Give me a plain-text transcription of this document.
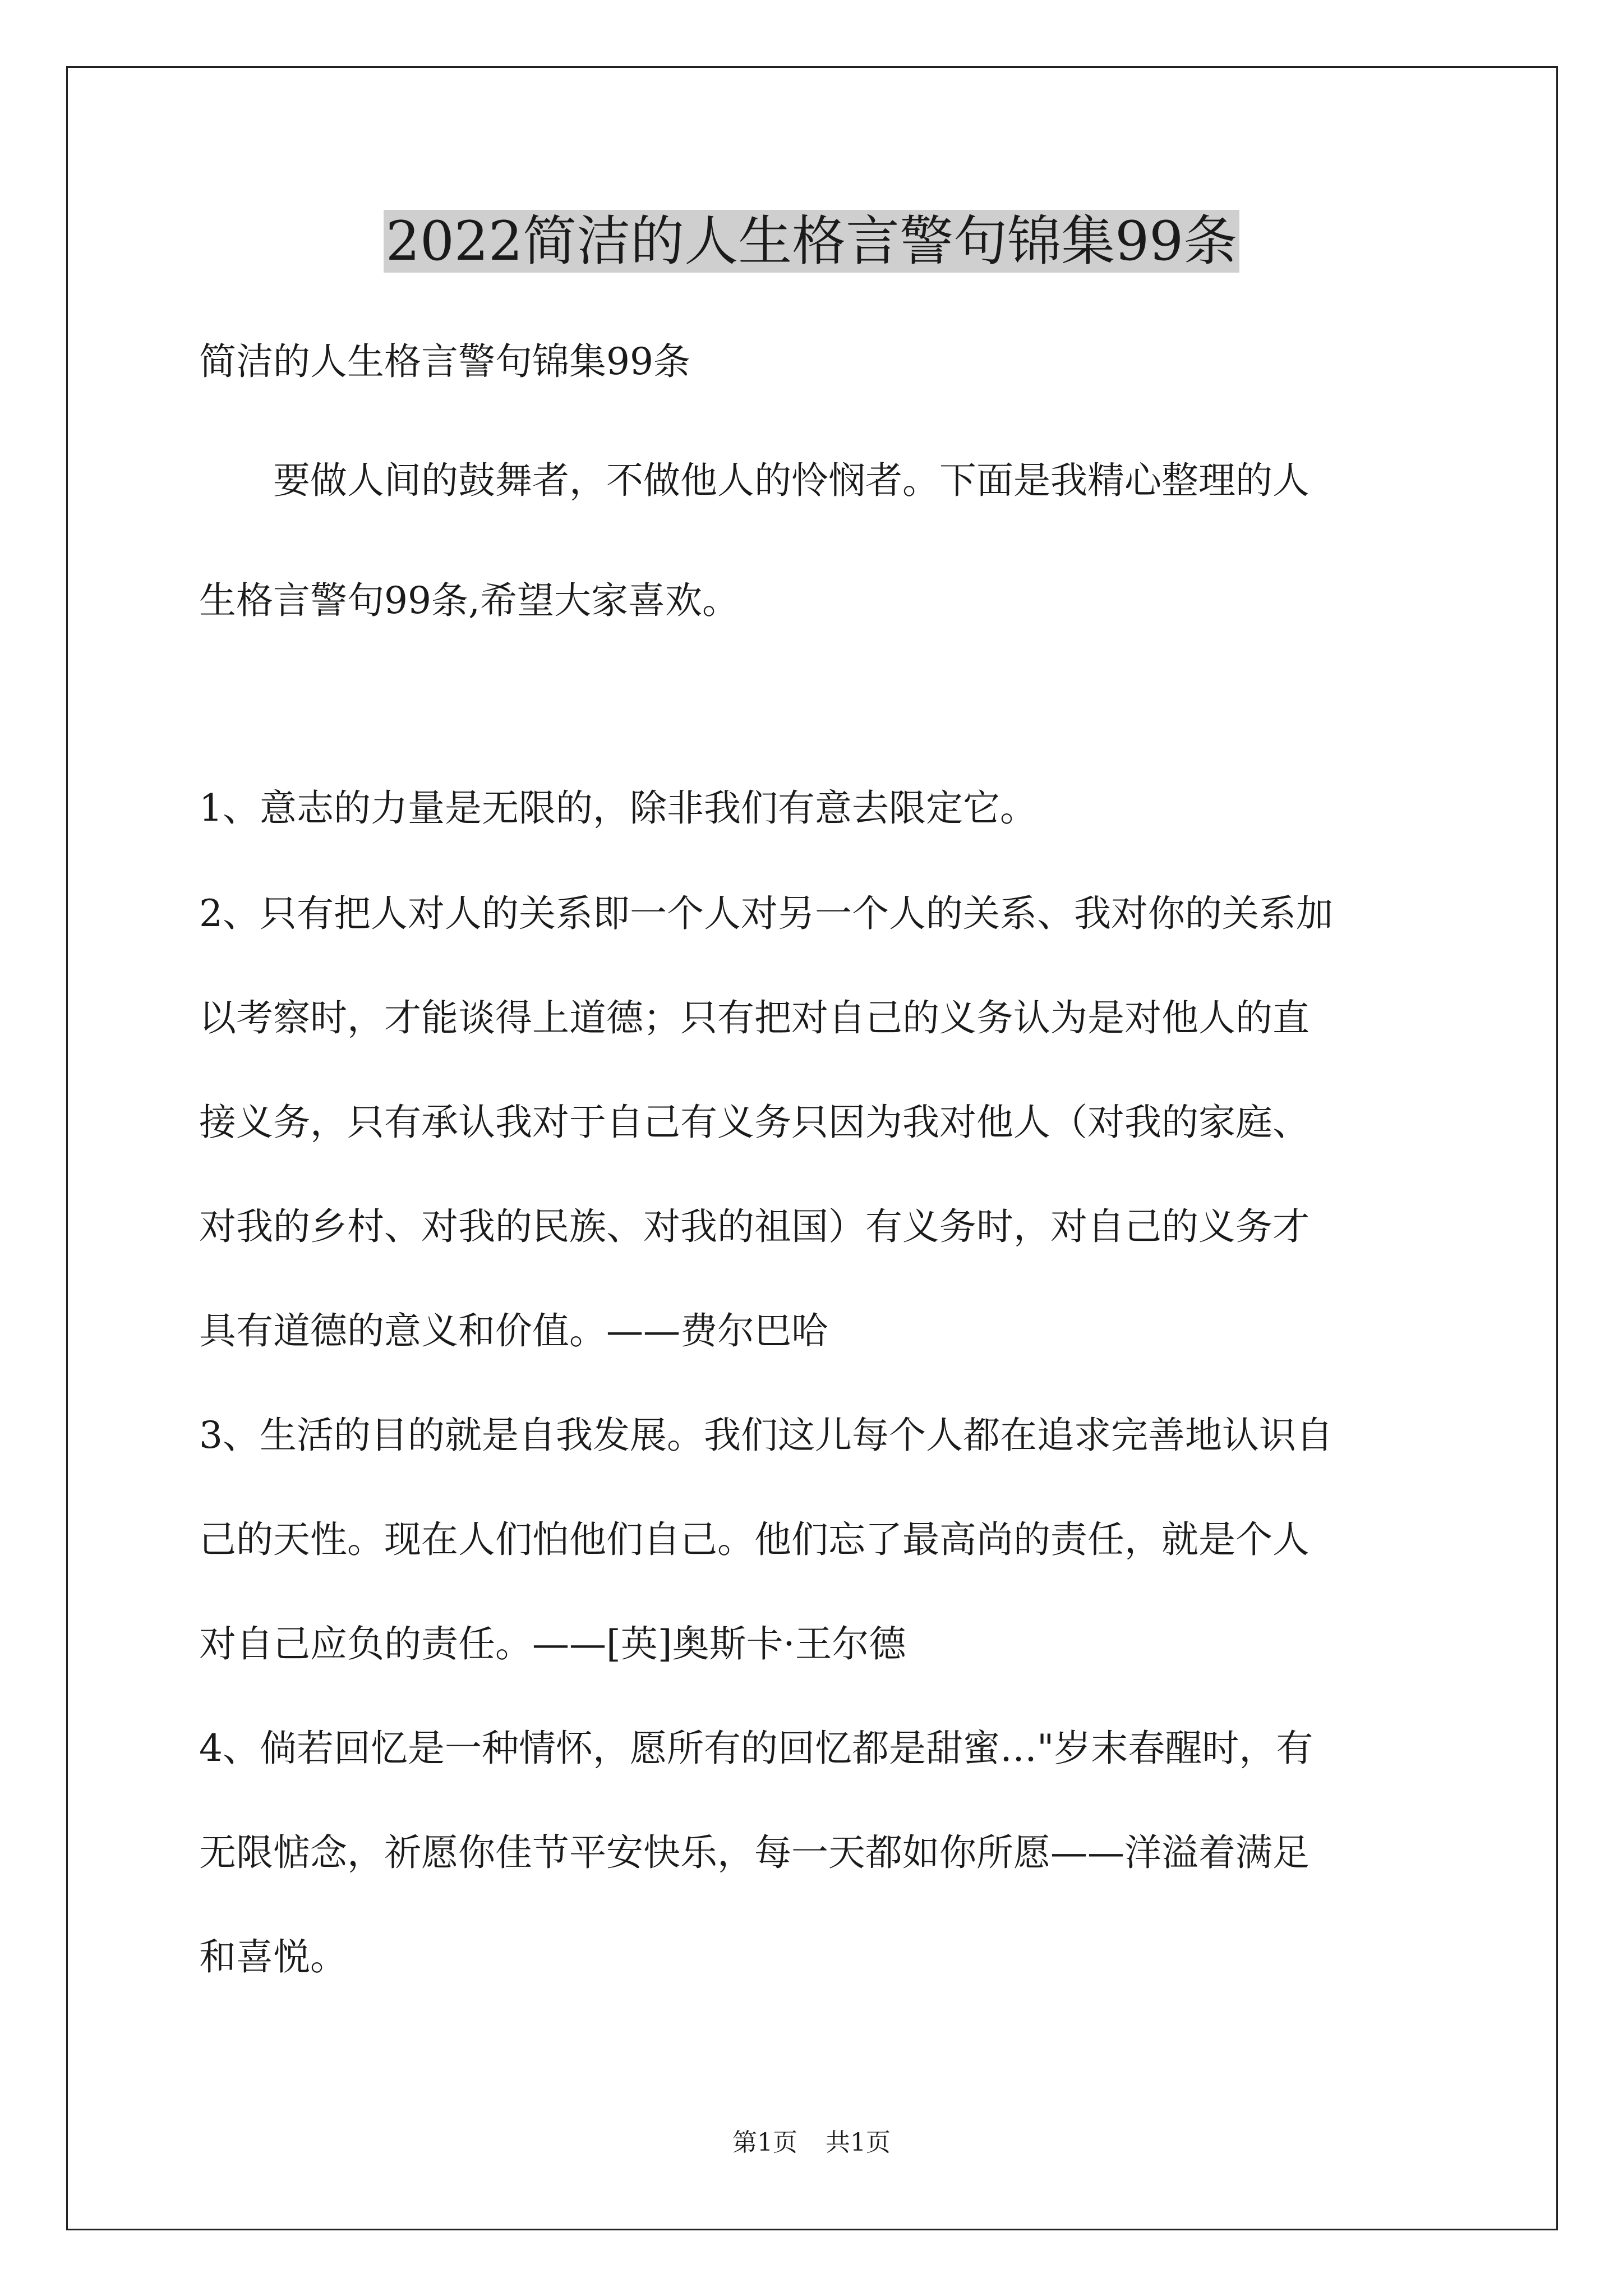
2022简洁的人生格言警句锦集99条
简洁的人生格言警句锦集99条
要做人间的鼓舞者，不做他人的怜悯者。下面是我精心整理的人
生格言警句99条,希望大家喜欢。
1、意志的力量是无限的，除非我们有意去限定它。
2、只有把人对人的关系即一个人对另一个人的关系、我对你的关系加
以考察时，才能谈得上道德；只有把对自己的义务认为是对他人的直
接义务，只有承认我对于自己有义务只因为我对他人（对我的家庭、
对我的乡村、对我的民族、对我的祖国）有义务时，对自己的义务才
具有道德的意义和价值。——费尔巴哈
3、生活的目的就是自我发展。我们这儿每个人都在追求完善地认识自
己的天性。现在人们怕他们自己。他们忘了最高尚的责任，就是个人
对自己应负的责任。——[英]奥斯卡·王尔德
4、倘若回忆是一种情怀，愿所有的回忆都是甜蜜…"岁末春醒时，有
无限惦念，祈愿你佳节平安快乐，每一天都如你所愿——洋溢着满足
和喜悦。
第1页 共1页
